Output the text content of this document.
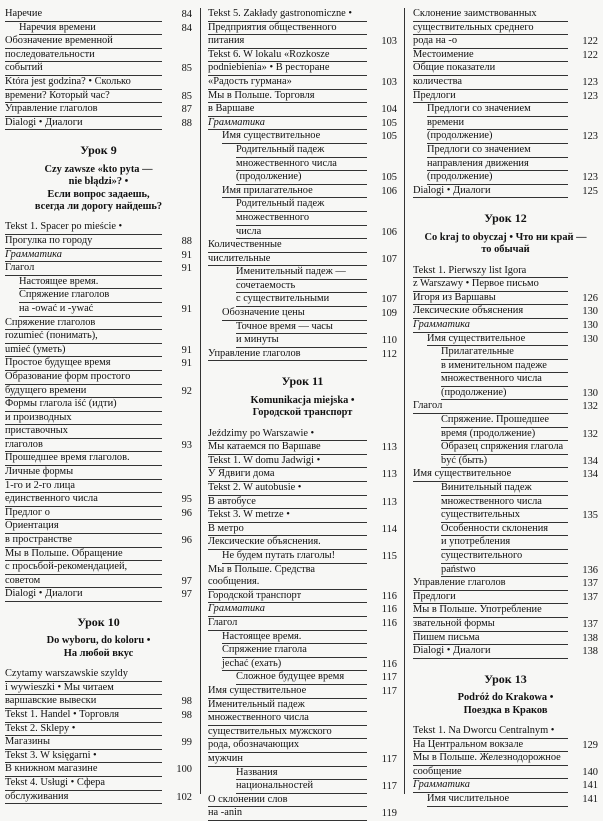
Наречие	84
Наречия времени	84
Обозначение временной
последовательности
событий	85
Która jest godzina? • Сколько
времени? Который час?	85
Управление глаголов	87
Dialogi • Диалоги	88
Урок 9
Czy zawsze «kto pyta —
nie błądzi»? •
Если вопрос задаешь,
всегда ли дорогу найдешь?
Tekst 1. Spacer po mieście •
Прогулка по городу	88
Грамматика	91
Глагол	91
Настоящее время.
Спряжение глаголов
на -ować и -ywać	91
Спряжение глаголов
rozumieć (понимать),
umieć (уметь)	91
Простое будущее время	91
Образование форм простого
будущего времени	92
Формы глагола iść (идти)
и производных
приставочных
глаголов	93
Прошедшее время глаголов.
Личные формы
1-го и 2-го лица
единственного числа	95
Предлог o	96
Ориентация
в пространстве	96
Мы в Польше. Обращение
с просьбой-рекомендацией,
советом	97
Dialogi • Диалоги	97
Урок 10
Do wyboru, do koloru •
На любой вкус
Czytamy warszawskie szyldy
i wywieszki • Мы читаем
варшавские вывески	98
Tekst 1. Handel • Торговля	98
Tekst 2. Sklepy •
Магазины	99
Tekst 3. W księgarni •
В книжном магазине	100
Tekst 4. Usługi • Сфера
обслуживания	102
Tekst 5. Zakłady gastronomiczne •
Предприятия общественного
питания	103
Tekst 6. W lokalu «Rozkosze
podniebienia» • В ресторане
«Радость гурмана»	103
Мы в Польше. Торговля
в Варшаве	104
Грамматика	105
Имя существительное	105
Родительный падеж
множественного числа
(продолжение)	105
Имя прилагательное	106
Родительный падеж
множественного
числа	106
Количественные
числительные	107
Именительный падеж —
сочетаемость
с существительными	107
Обозначение цены	109
Точное время — часы
и минуты	110
Управление глаголов	112
Урок 11
Komunikacja miejska •
Городской транспорт
Jeździmy po Warszawie •
Мы катаемся по Варшаве	113
Tekst 1. W domu Jadwigi •
У Ядвиги дома	113
Tekst 2. W autobusie •
В автобусе	113
Tekst 3. W metrze •
В метро	114
Лексические объяснения.
Не будем путать глаголы!	115
Мы в Польше. Средства сообщения.
Городской транспорт	116
Грамматика	116
Глагол	116
Настоящее время.
Спряжение глагола
jechać (ехать)	116
Сложное будущее время	117
Имя существительное	117
Именительный падеж
множественного числа
существительных мужского
рода, обозначающих
мужчин	117
Названия
национальностей	117
О склонении слов
на -anin	119
Склонение заимствованных
существительных среднего
рода на -o	122
Местоимение	122
Общие показатели
количества	123
Предлоги	123
Предлоги со значением
времени
(продолжение)	123
Предлоги со значением
направления движения
(продолжение)	123
Dialogi • Диалоги	125
Урок 12
Co kraj to obyczaj • Что ни край —
то обычай
Tekst 1. Pierwszy list Igora
z Warszawy • Первое письмо
Игоря из Варшавы	126
Лексические объяснения	130
Грамматика	130
Имя существительное	130
Прилагательные
в именительном падеже
множественного числа
(продолжение)	130
Глагол	132
Спряжение. Прошедшее
время (продолжение)	132
Образец спряжения глагола
być (быть)	134
Имя существительное	134
Винительный падеж
множественного числа
существительных	135
Особенности склонения
и употребления
существительного
państwo	136
Управление глаголов	137
Предлоги	137
Мы в Польше. Употребление
звательной формы	137
Пишем письма	138
Dialogi • Диалоги	138
Урок 13
Podróż do Krakowa •
Поездка в Краков
Tekst 1. Na Dworcu Centralnym •
На Центральном вокзале	129
Мы в Польше. Железнодорожное
сообщение	140
Грамматика	141
Имя числительное	141
